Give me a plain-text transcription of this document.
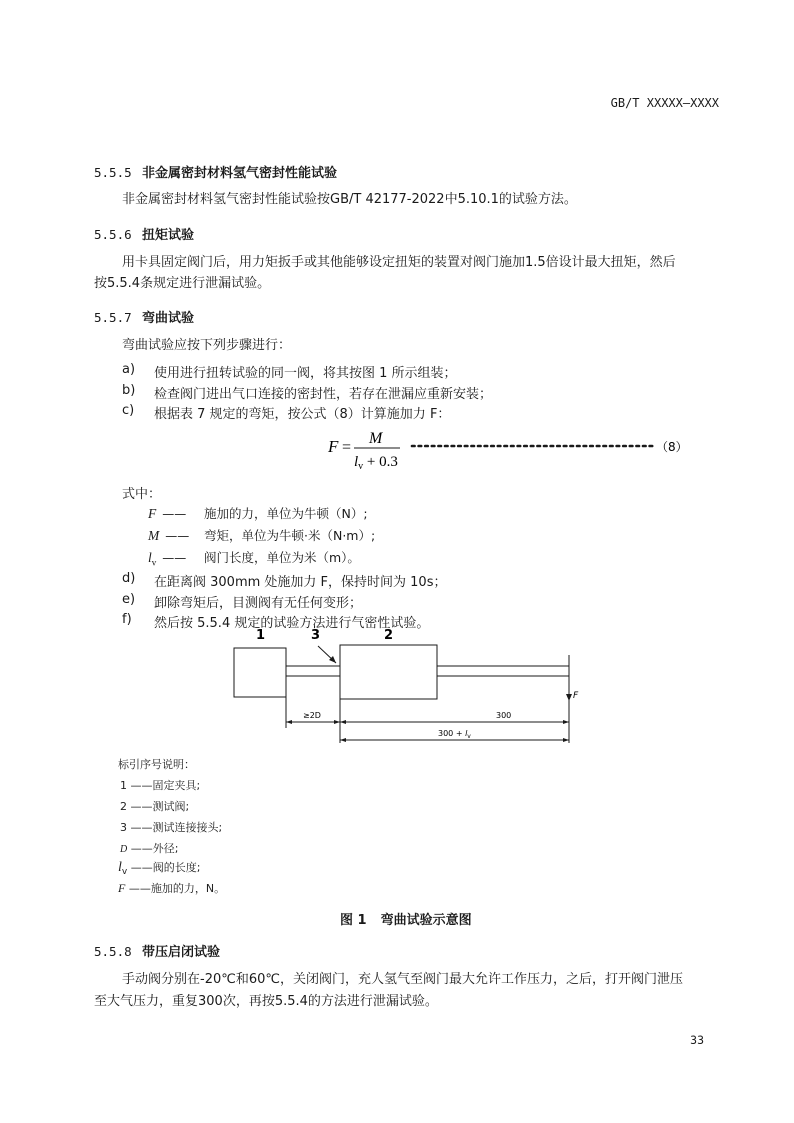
GB/T XXXXX—XXXX
5.5.5 非金属密封材料氢气密封性能试验
非金属密封材料氢气密封性能试验按GB/T 42177-2022中5.10.1的试验方法。
5.5.6 扭矩试验
用卡具固定阀门后，用力矩扳手或其他能够设定扭矩的装置对阀门施加1.5倍设计最大扭矩，然后
按5.5.4条规定进行泄漏试验。
5.5.7 弯曲试验
弯曲试验应按下列步骤进行：
a) 使用进行扭转试验的同一阀，将其按图 1 所示组装；
b) 检查阀门进出气口连接的密封性，若存在泄漏应重新安装；
c) 根据表 7 规定的弯矩，按公式（8）计算施加力 F：
F =
M
$l_v + 0.3$
（8）
式中：
F —— 施加的力，单位为牛顿（N）;
M —— 弯矩，单位为牛顿·米（N·m）;
$l_v$ —— 阀门长度，单位为米（m）。
d) 在距离阀 300mm 处施加力 F，保持时间为 10s；
e) 卸除弯矩后，目测阀有无任何变形；
f) 然后按 5.5.4 规定的试验方法进行气密性试验。
1	3	2
F
≥2D	300
$300 + l_v$
标引序号说明：
1 ——固定夹具;
2 ——测试阀;
3 ——测试连接接头;
D ——外径;
$l_v$ ——阀的长度;
F ——施加的力，N。
图 1 弯曲试验示意图
5.5.8 带压启闭试验
手动阀分别在-20℃和60℃，关闭阀门，充人氢气至阀门最大允许工作压力，之后，打开阀门泄压
至大气压力，重复300次，再按5.5.4的方法进行泄漏试验。
33
